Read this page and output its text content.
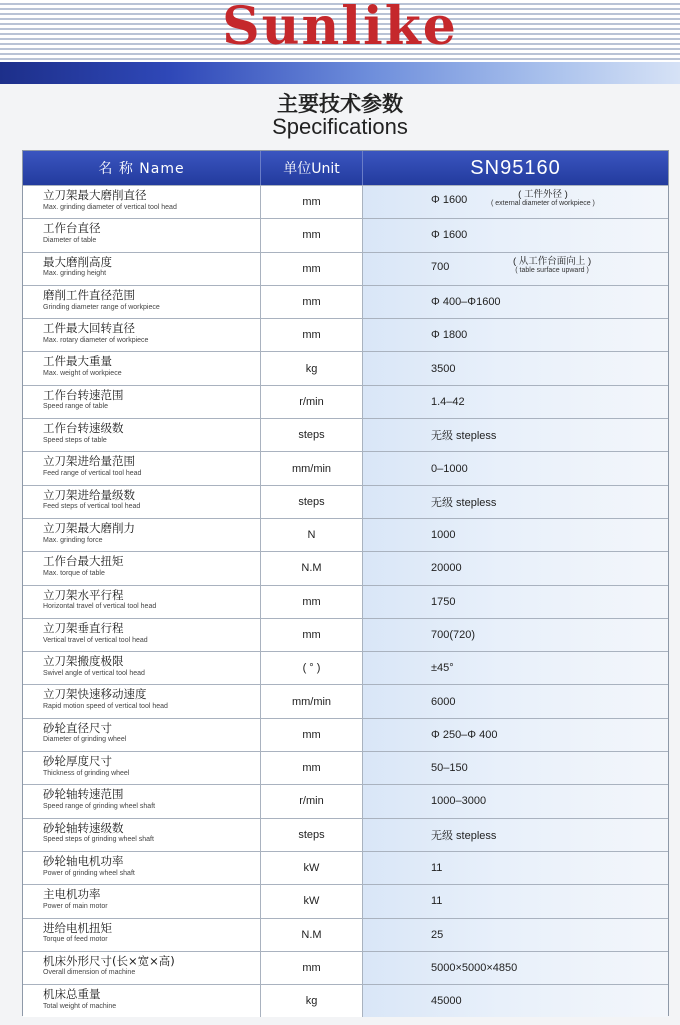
Sunlike
主要技术参数
Specifications
名 称 Name	单位Unit	SN95160
立刀架最大磨削直径
Max. grinding diameter of vertical tool head	mm	Φ 1600	( 工件外径 )
( external diameter of workpiece )
工作台直径
Diameter of table	mm	Φ 1600
最大磨削高度
Max. grinding height	mm	700	( 从工作台面向上 )
( table surface upward )
磨削工件直径范围
Grinding diameter range of workpiece	mm	Φ 400–Φ1600
工件最大回转直径
Max. rotary diameter of workpiece	mm	Φ 1800
工件最大重量
Max. weight of workpiece	kg	3500
工作台转速范围
Speed range of table	r/min	1.4–42
工作台转速级数
Speed steps of table	steps	无级 stepless
立刀架进给量范围
Feed range of vertical tool head	mm/min	0–1000
立刀架进给量级数
Feed steps of vertical tool head	steps	无级 stepless
立刀架最大磨削力
Max. grinding force	N	1000
工作台最大扭矩
Max. torque of table	N.M	20000
立刀架水平行程
Horizontal travel of vertical tool head	mm	1750
立刀架垂直行程
Vertical travel of vertical tool head	mm	700(720)
立刀架搬度极限
Swivel angle of vertical tool head	( ° )	±45°
立刀架快速移动速度
Rapid motion speed of vertical tool head	mm/min	6000
砂轮直径尺寸
Diameter of grinding wheel	mm	Φ 250–Φ 400
砂轮厚度尺寸
Thickness of grinding wheel	mm	50–150
砂轮轴转速范围
Speed range of grinding wheel shaft	r/min	1000–3000
砂轮轴转速级数
Speed steps of grinding wheel shaft	steps	无级 stepless
砂轮轴电机功率
Power of grinding wheel shaft	kW	11
主电机功率
Power of main motor	kW	11
进给电机扭矩
Torque of feed motor	N.M	25
机床外形尺寸(长×宽×高)
Overall dimension of machine	mm	5000×5000×4850
机床总重量
Total weight of machine	kg	45000
